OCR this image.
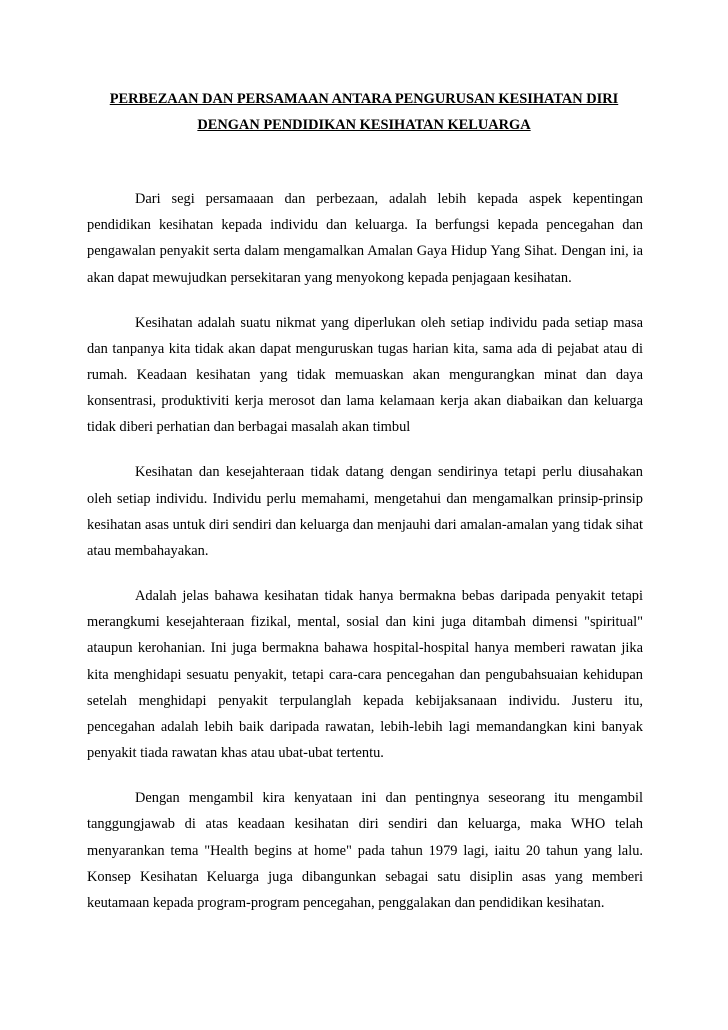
PERBEZAAN DAN PERSAMAAN ANTARA PENGURUSAN KESIHATAN DIRI
DENGAN PENDIDIKAN KESIHATAN KELUARGA

Dari segi persamaaan dan perbezaan, adalah lebih kepada aspek kepentingan pendidikan kesihatan kepada individu dan keluarga. Ia berfungsi kepada pencegahan dan pengawalan penyakit serta dalam mengamalkan Amalan Gaya Hidup Yang Sihat. Dengan ini, ia akan dapat mewujudkan persekitaran yang menyokong kepada penjagaan kesihatan.

Kesihatan adalah suatu nikmat yang diperlukan oleh setiap individu pada setiap masa dan tanpanya kita tidak akan dapat menguruskan tugas harian kita, sama ada di pejabat atau di rumah. Keadaan kesihatan yang tidak memuaskan akan mengurangkan minat dan daya konsentrasi, produktiviti kerja merosot dan lama kelamaan kerja akan diabaikan dan keluarga tidak diberi perhatian dan berbagai masalah akan timbul

Kesihatan dan kesejahteraan tidak datang dengan sendirinya tetapi perlu diusahakan oleh setiap individu. Individu perlu memahami, mengetahui dan mengamalkan prinsip-prinsip kesihatan asas untuk diri sendiri dan keluarga dan menjauhi dari amalan-amalan yang tidak sihat atau membahayakan.

Adalah jelas bahawa kesihatan tidak hanya bermakna bebas daripada penyakit tetapi merangkumi kesejahteraan fizikal, mental, sosial dan kini juga ditambah dimensi "spiritual" ataupun kerohanian. Ini juga bermakna bahawa hospital-hospital hanya memberi rawatan jika kita menghidapi sesuatu penyakit, tetapi cara-cara pencegahan dan pengubahsuaian kehidupan setelah menghidapi penyakit terpulanglah kepada kebijaksanaan individu. Justeru itu, pencegahan adalah lebih baik daripada rawatan, lebih-lebih lagi memandangkan kini banyak penyakit tiada rawatan khas atau ubat-ubat tertentu.

Dengan mengambil kira kenyataan ini dan pentingnya seseorang itu mengambil tanggungjawab di atas keadaan kesihatan diri sendiri dan keluarga, maka WHO telah menyarankan tema "Health begins at home" pada tahun 1979 lagi, iaitu 20 tahun yang lalu. Konsep Kesihatan Keluarga juga dibangunkan sebagai satu disiplin asas yang memberi keutamaan kepada program-program pencegahan, penggalakan dan pendidikan kesihatan.
